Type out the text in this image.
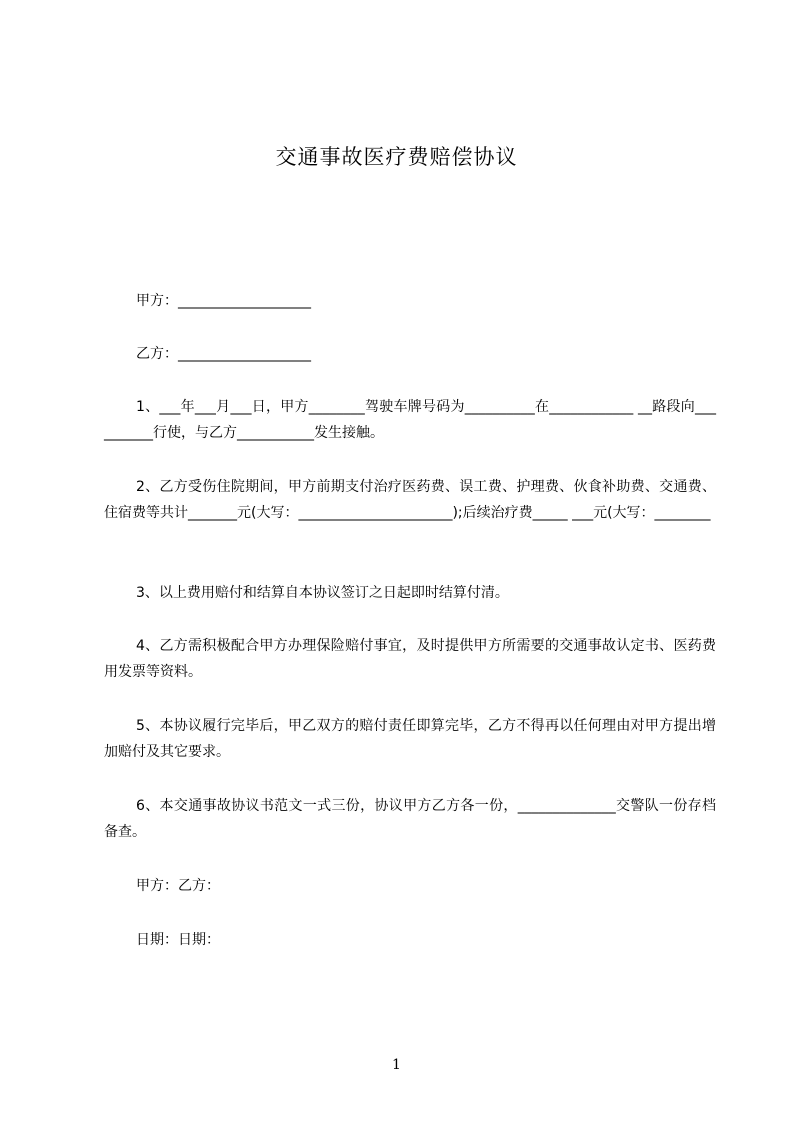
交通事故医疗费赔偿协议
甲方：___________________
乙方：___________________
1、___年___月___日，甲方________驾驶车牌号码为__________在____________ __路段向__________行使，与乙方___________发生接触。
2、乙方受伤住院期间，甲方前期支付治疗医药费、误工费、护理费、伙食补助费、交通费、住宿费等共计_______元(大写：______________________);后续治疗费_____ ___元(大写：________
3、以上费用赔付和结算自本协议签订之日起即时结算付清。
4、乙方需积极配合甲方办理保险赔付事宜，及时提供甲方所需要的交通事故认定书、医药费用发票等资料。
5、本协议履行完毕后，甲乙双方的赔付责任即算完毕，乙方不得再以任何理由对甲方提出增加赔付及其它要求。
6、本交通事故协议书范文一式三份，协议甲方乙方各一份，______________交警队一份存档备查。
甲方：乙方：
日期：日期：
1
